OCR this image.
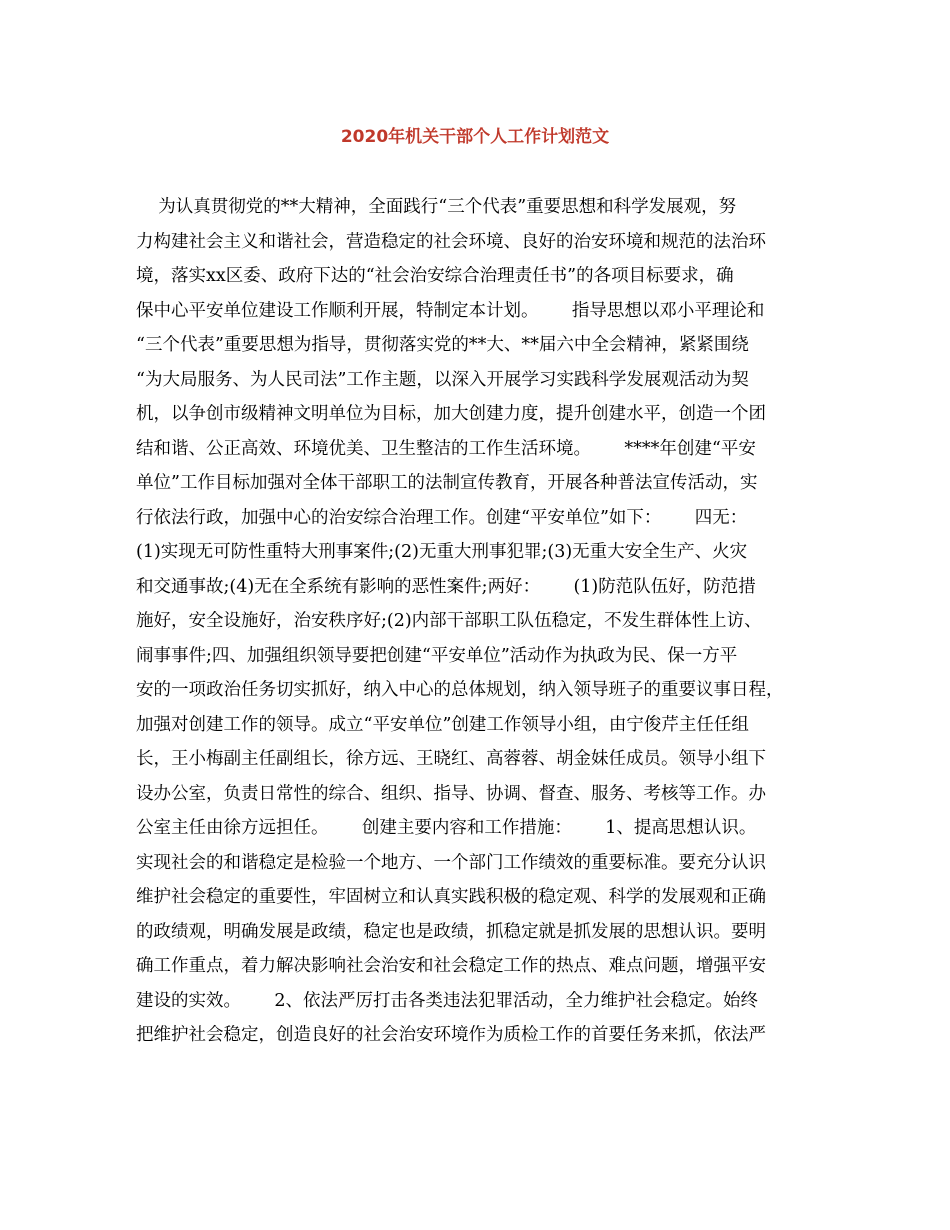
2020年机关干部个人工作计划范文
为认真贯彻党的**大精神，全面践行“三个代表”重要思想和科学发展观，努
力构建社会主义和谐社会，营造稳定的社会环境、良好的治安环境和规范的法治环
境，落实xx区委、政府下达的“社会治安综合治理责任书”的各项目标要求，确
保中心平安单位建设工作顺利开展，特制定本计划。      指导思想以邓小平理论和
“三个代表”重要思想为指导，贯彻落实党的**大、**届六中全会精神，紧紧围绕
“为大局服务、为人民司法”工作主题，以深入开展学习实践科学发展观活动为契
机，以争创市级精神文明单位为目标，加大创建力度，提升创建水平，创造一个团
结和谐、公正高效、环境优美、卫生整洁的工作生活环境。      ****年创建“平安
单位”工作目标加强对全体干部职工的法制宣传教育，开展各种普法宣传活动，实
行依法行政，加强中心的治安综合治理工作。创建“平安单位”如下：      四无：
(1)实现无可防性重特大刑事案件;(2)无重大刑事犯罪;(3)无重大安全生产、火灾
和交通事故;(4)无在全系统有影响的恶性案件;两好：      (1)防范队伍好，防范措
施好，安全设施好，治安秩序好;(2)内部干部职工队伍稳定，不发生群体性上访、
闹事事件;四、加强组织领导要把创建“平安单位”活动作为执政为民、保一方平
安的一项政治任务切实抓好，纳入中心的总体规划，纳入领导班子的重要议事日程，
加强对创建工作的领导。成立“平安单位”创建工作领导小组，由宁俊芹主任任组
长，王小梅副主任副组长，徐方远、王晓红、高蓉蓉、胡金妹任成员。领导小组下
设办公室，负责日常性的综合、组织、指导、协调、督查、服务、考核等工作。办
公室主任由徐方远担任。      创建主要内容和工作措施：      1、提高思想认识。
实现社会的和谐稳定是检验一个地方、一个部门工作绩效的重要标准。要充分认识
维护社会稳定的重要性，牢固树立和认真实践积极的稳定观、科学的发展观和正确
的政绩观，明确发展是政绩，稳定也是政绩，抓稳定就是抓发展的思想认识。要明
确工作重点，着力解决影响社会治安和社会稳定工作的热点、难点问题，增强平安
建设的实效。      2、依法严厉打击各类违法犯罪活动，全力维护社会稳定。始终
把维护社会稳定，创造良好的社会治安环境作为质检工作的首要任务来抓，依法严
